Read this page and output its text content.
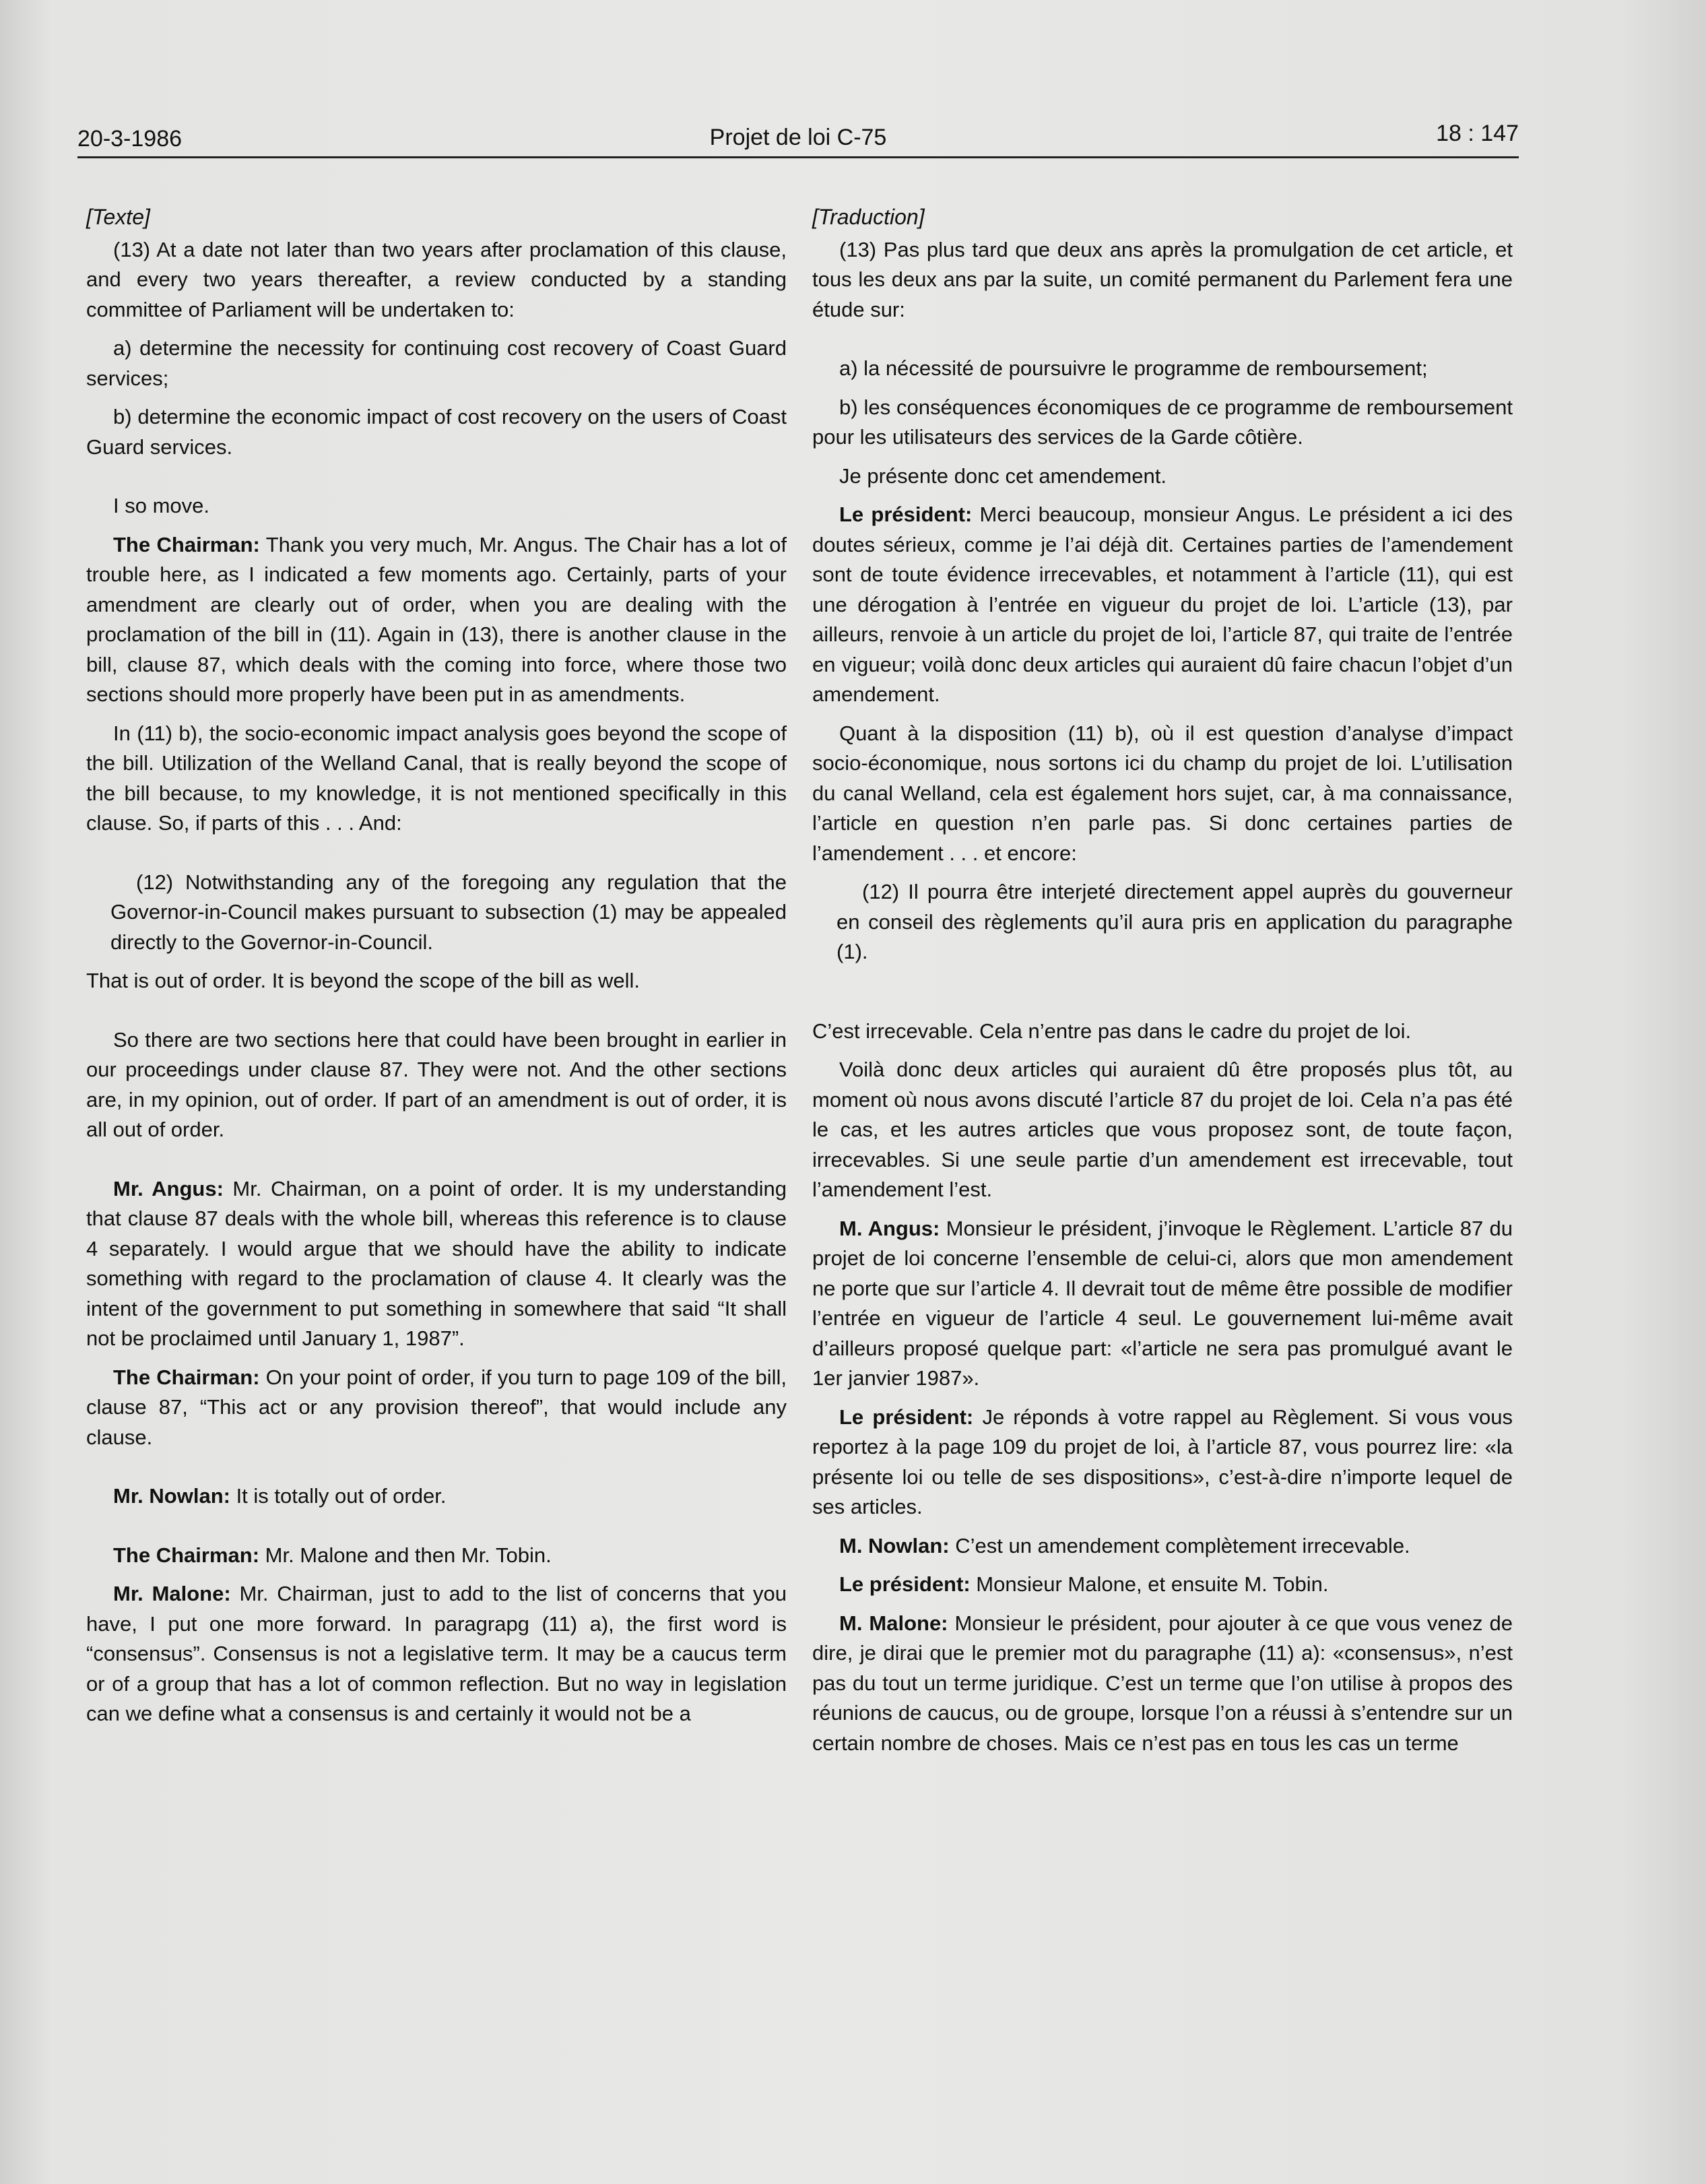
20-3-1986	Projet de loi C-75	18 : 147

[Texte]

(13) At a date not later than two years after proclamation of this clause, and every two years thereafter, a review conducted by a standing committee of Parliament will be undertaken to:

a) determine the necessity for continuing cost recovery of Coast Guard services;

b) determine the economic impact of cost recovery on the users of Coast Guard services.

I so move.

The Chairman: Thank you very much, Mr. Angus. The Chair has a lot of trouble here, as I indicated a few moments ago. Certainly, parts of your amendment are clearly out of order, when you are dealing with the proclamation of the bill in (11). Again in (13), there is another clause in the bill, clause 87, which deals with the coming into force, where those two sections should more properly have been put in as amendments.

In (11) b), the socio-economic impact analysis goes beyond the scope of the bill. Utilization of the Welland Canal, that is really beyond the scope of the bill because, to my knowledge, it is not mentioned specifically in this clause. So, if parts of this . . . And:

(12) Notwithstanding any of the foregoing any regulation that the Governor-in-Council makes pursuant to subsection (1) may be appealed directly to the Governor-in-Council.

That is out of order. It is beyond the scope of the bill as well.

So there are two sections here that could have been brought in earlier in our proceedings under clause 87. They were not. And the other sections are, in my opinion, out of order. If part of an amendment is out of order, it is all out of order.

Mr. Angus: Mr. Chairman, on a point of order. It is my understanding that clause 87 deals with the whole bill, whereas this reference is to clause 4 separately. I would argue that we should have the ability to indicate something with regard to the proclamation of clause 4. It clearly was the intent of the government to put something in somewhere that said “It shall not be proclaimed until January 1, 1987”.

The Chairman: On your point of order, if you turn to page 109 of the bill, clause 87, “This act or any provision thereof”, that would include any clause.

Mr. Nowlan: It is totally out of order.

The Chairman: Mr. Malone and then Mr. Tobin.

Mr. Malone: Mr. Chairman, just to add to the list of concerns that you have, I put one more forward. In paragrapg (11) a), the first word is “consensus”. Consensus is not a legislative term. It may be a caucus term or of a group that has a lot of common reflection. But no way in legislation can we define what a consensus is and certainly it would not be a

[Traduction]

(13) Pas plus tard que deux ans après la promulgation de cet article, et tous les deux ans par la suite, un comité permanent du Parlement fera une étude sur:

a) la nécessité de poursuivre le programme de remboursement;

b) les conséquences économiques de ce programme de remboursement pour les utilisateurs des services de la Garde côtière.

Je présente donc cet amendement.

Le président: Merci beaucoup, monsieur Angus. Le président a ici des doutes sérieux, comme je l’ai déjà dit. Certaines parties de l’amendement sont de toute évidence irrecevables, et notamment à l’article (11), qui est une dérogation à l’entrée en vigueur du projet de loi. L’article (13), par ailleurs, renvoie à un article du projet de loi, l’article 87, qui traite de l’entrée en vigueur; voilà donc deux articles qui auraient dû faire chacun l’objet d’un amendement.

Quant à la disposition (11) b), où il est question d’analyse d’impact socio-économique, nous sortons ici du champ du projet de loi. L’utilisation du canal Welland, cela est également hors sujet, car, à ma connaissance, l’article en question n’en parle pas. Si donc certaines parties de l’amendement . . . et encore:

(12) Il pourra être interjeté directement appel auprès du gouverneur en conseil des règlements qu’il aura pris en application du paragraphe (1).

C’est irrecevable. Cela n’entre pas dans le cadre du projet de loi.

Voilà donc deux articles qui auraient dû être proposés plus tôt, au moment où nous avons discuté l’article 87 du projet de loi. Cela n’a pas été le cas, et les autres articles que vous proposez sont, de toute façon, irrecevables. Si une seule partie d’un amendement est irrecevable, tout l’amendement l’est.

M. Angus: Monsieur le président, j’invoque le Règlement. L’article 87 du projet de loi concerne l’ensemble de celui-ci, alors que mon amendement ne porte que sur l’article 4. Il devrait tout de même être possible de modifier l’entrée en vigueur de l’article 4 seul. Le gouvernement lui-même avait d’ailleurs proposé quelque part: «l’article ne sera pas promulgué avant le 1er janvier 1987».

Le président: Je réponds à votre rappel au Règlement. Si vous vous reportez à la page 109 du projet de loi, à l’article 87, vous pourrez lire: «la présente loi ou telle de ses dispositions», c’est-à-dire n’importe lequel de ses articles.

M. Nowlan: C’est un amendement complètement irrecevable.

Le président: Monsieur Malone, et ensuite M. Tobin.

M. Malone: Monsieur le président, pour ajouter à ce que vous venez de dire, je dirai que le premier mot du paragraphe (11) a): «consensus», n’est pas du tout un terme juridique. C’est un terme que l’on utilise à propos des réunions de caucus, ou de groupe, lorsque l’on a réussi à s’entendre sur un certain nombre de choses. Mais ce n’est pas en tous les cas un terme
